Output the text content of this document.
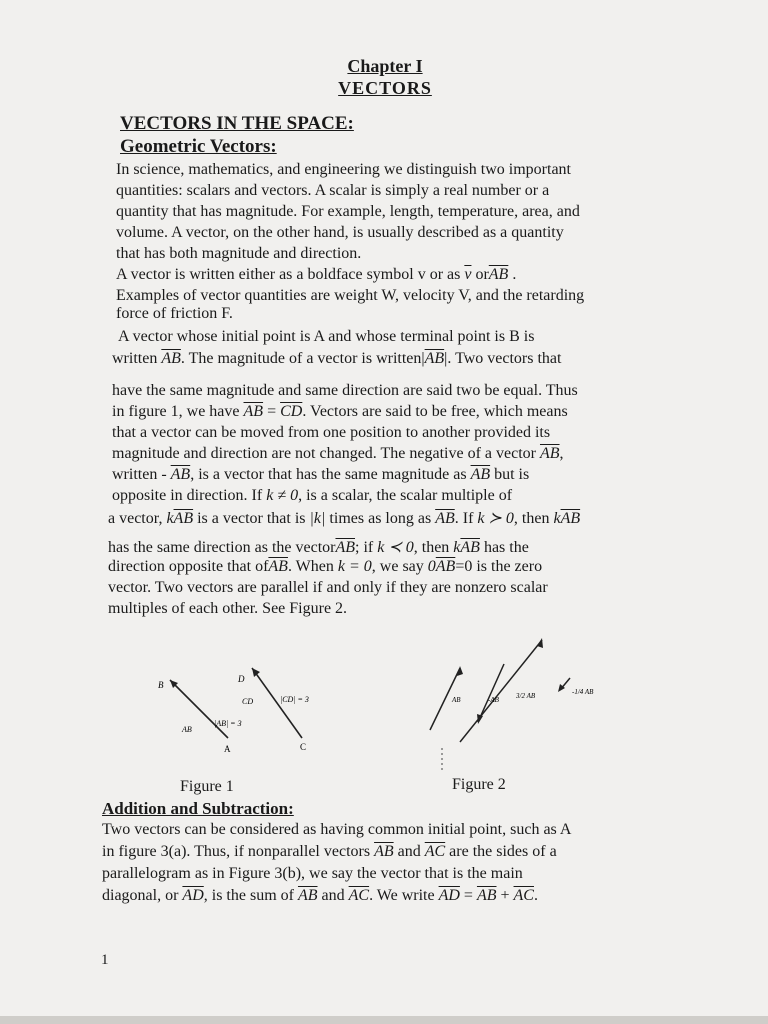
Chapter I
VECTORS
VECTORS IN THE SPACE:
Geometric Vectors:
In science, mathematics, and engineering we distinguish two important
quantities: scalars and vectors. A scalar is simply a real number or a
quantity that has magnitude. For example, length, temperature, area, and
volume. A vector, on the other hand, is usually described as a quantity
that has both magnitude and direction.
A vector is written either as a boldface symbol v or as $\overline{v}$ $or\overline{AB}$ .
Examples of vector quantities are weight W, velocity V, and the retarding
force of friction F.
A vector whose initial point is A and whose terminal point is B is
written $\overline{AB}$. The magnitude of a vector is $written|\overline{AB}|$. Two vectors that
have the same magnitude and same direction are said two be equal. Thus
in figure 1, we have $\overline{AB} = \overline{CD}$. Vectors are said to be free, which means
that a vector can be moved from one position to another provided its
magnitude and direction are not changed. The negative of a vector $\overline{AB}$,
written - $\overline{AB}$, is a vector that has the same magnitude as $\overline{AB}$ but is
opposite in direction. If k ≠ 0, is a scalar, the scalar multiple of
a vector, $k\overline{AB}$ is a vector that is |k| times as long as $\overline{AB}$. If k ≻ 0, then $k\overline{AB}$
has the same direction as the $vector\overline{AB}$; if k ≺ 0, then $k\overline{AB}$ has the
direction opposite that $of\overline{AB}$. When k = 0, we say $0\overline{AB}=0$ is the zero
vector. Two vectors are parallel if and only if they are nonzero scalar
multiples of each other. See Figure 2.
B
A
D
C
AB
|AB| = 3
CD	|CD| = 3
Figure 1
AB	-AB 3/2 AB	-1/4 AB
Figure 2
Addition and Subtraction:
Two vectors can be considered as having common initial point, such as A
in figure 3(a). Thus, if nonparallel vectors $\overline{AB}$ and $\overline{AC}$ are the sides of a
parallelogram as in Figure 3(b), we say the vector that is the main
diagonal, or $\overline{AD}$, is the sum of $\overline{AB}$ and $\overline{AC}$. We write $\overline{AD} = \overline{AB} + \overline{AC}$.
1
